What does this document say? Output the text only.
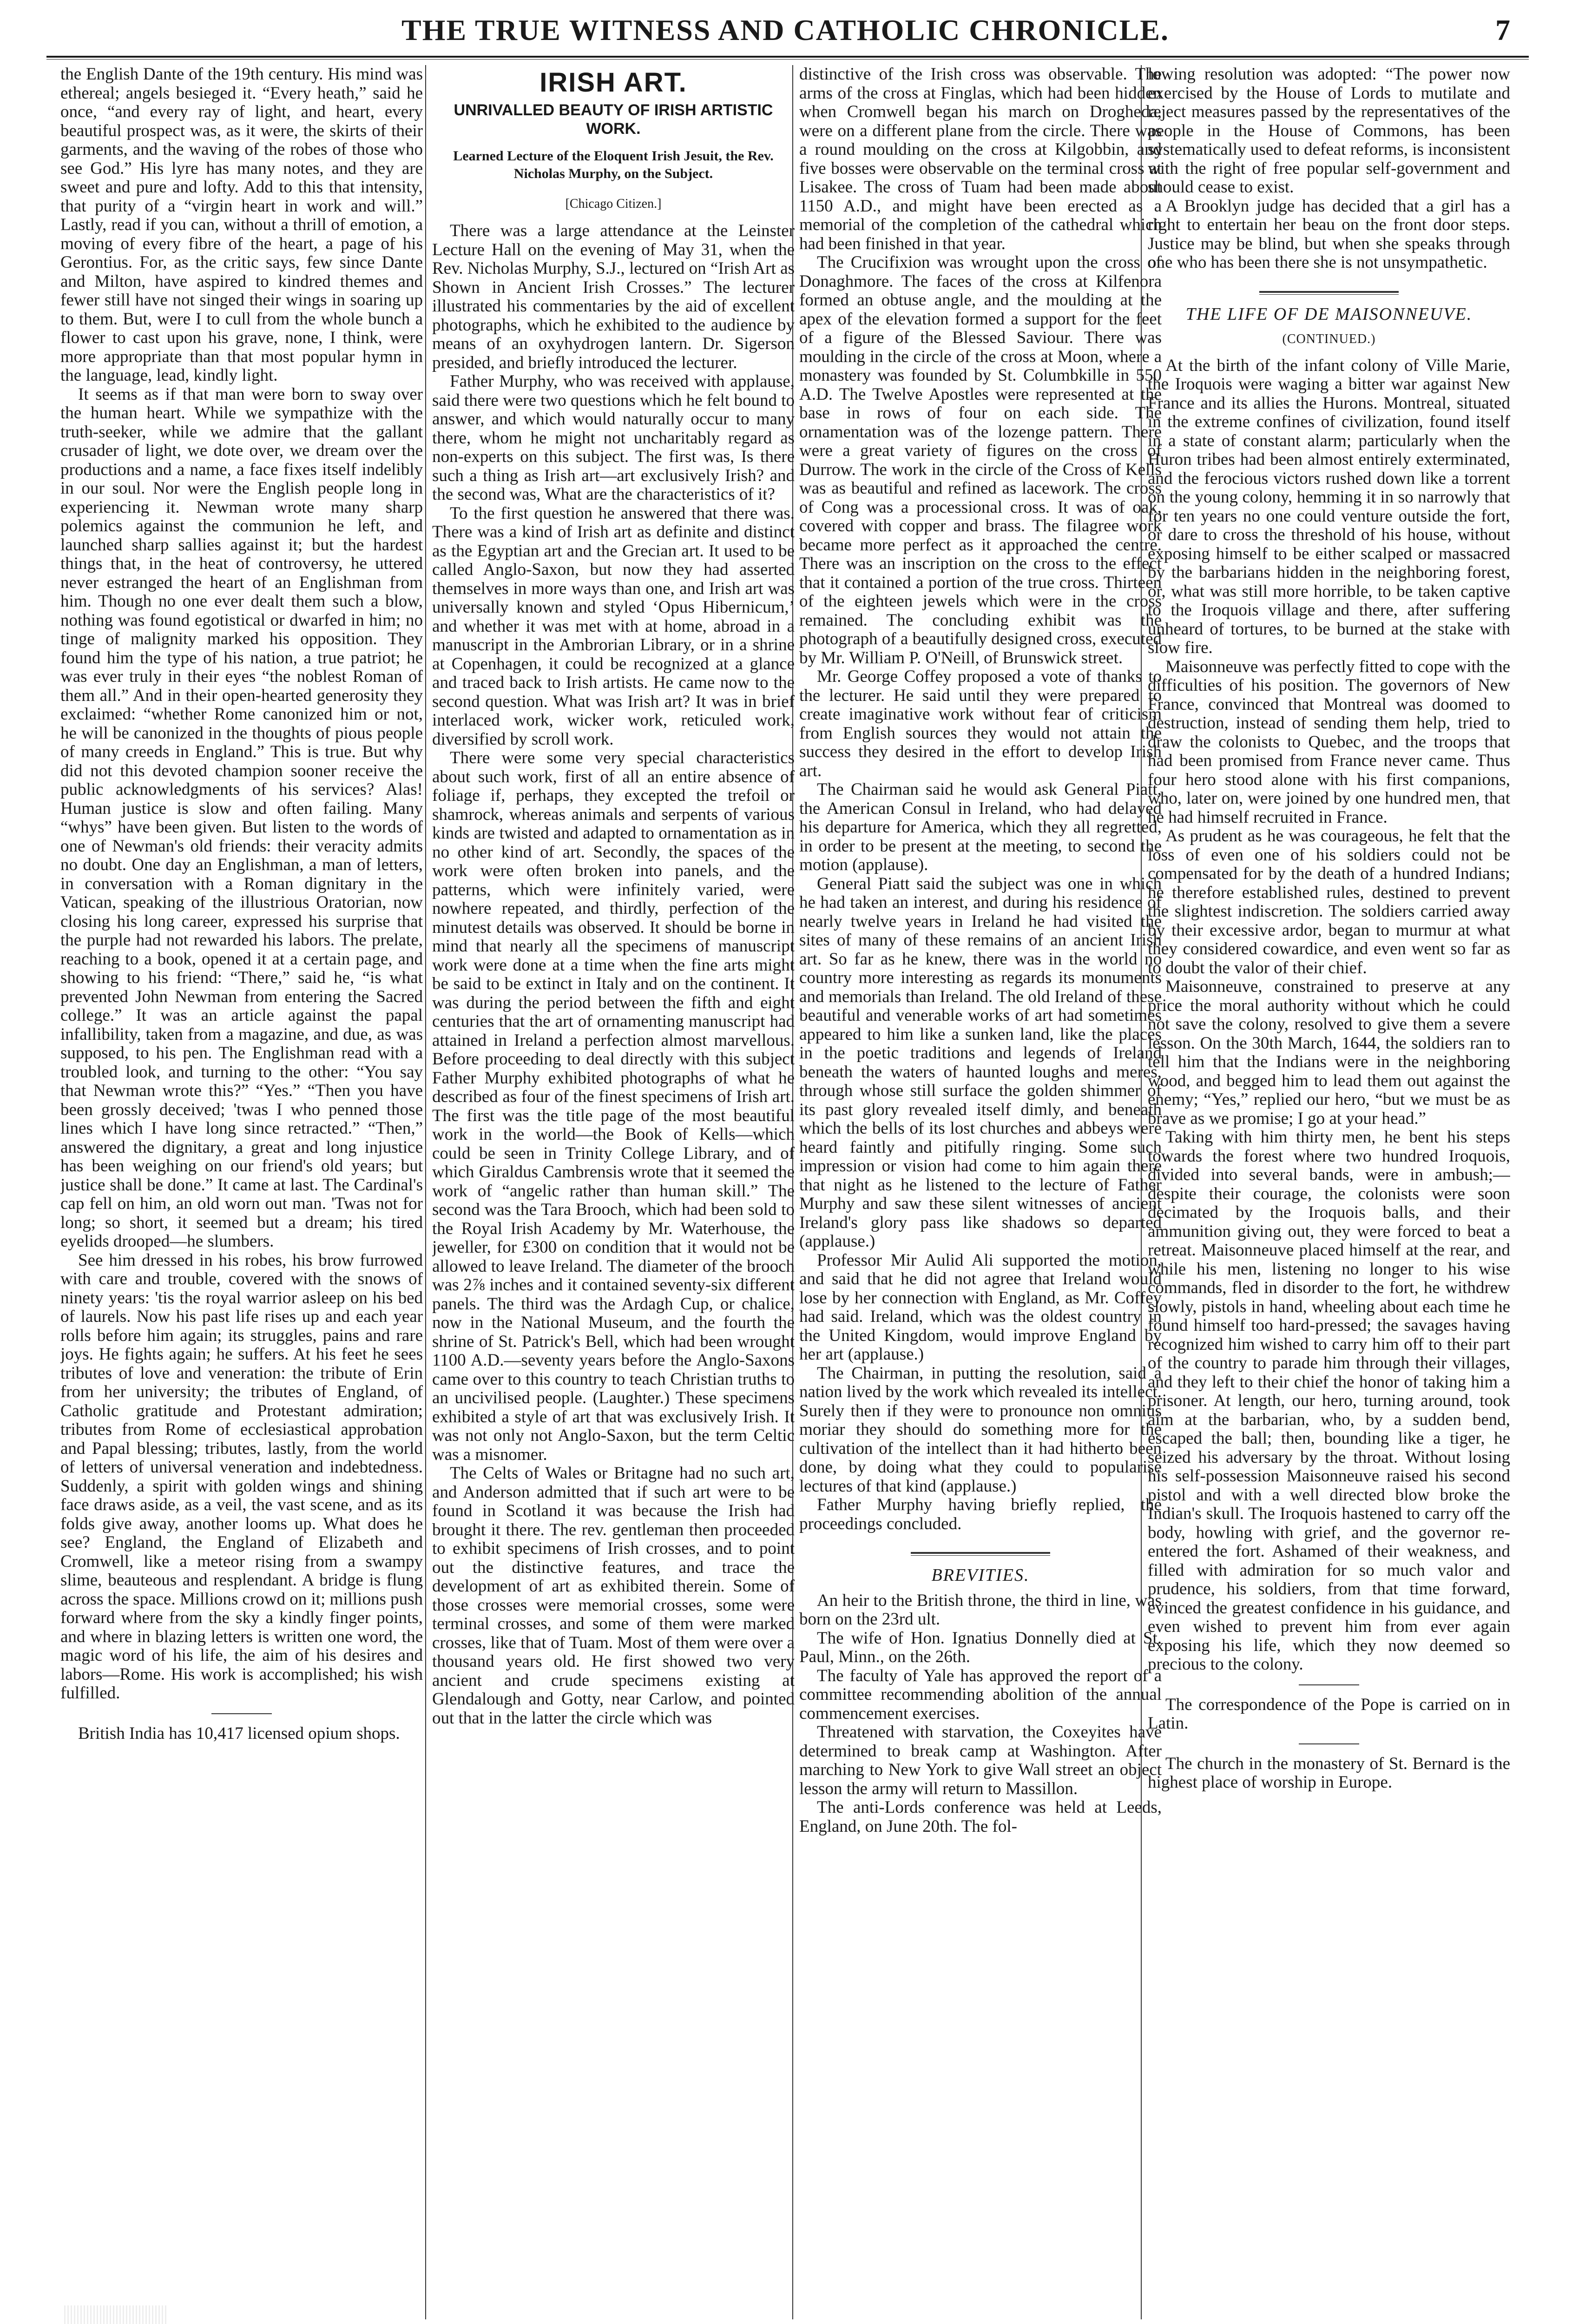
THE TRUE WITNESS AND CATHOLIC CHRONICLE.	7

the English Dante of the 19th century. His mind was ethereal; angels besieged it. “Every heath,” said he once, “and every ray of light, and heart, every beautiful prospect was, as it were, the skirts of their garments, and the waving of the robes of those who see God.” His lyre has many notes, and they are sweet and pure and lofty. Add to this that intensity, that purity of a “virgin heart in work and will.” Lastly, read if you can, without a thrill of emotion, a moving of every fibre of the heart, a page of his Gerontius. For, as the critic says, few since Dante and Milton, have aspired to kindred themes and fewer still have not singed their wings in soaring up to them. But, were I to cull from the whole bunch a flower to cast upon his grave, none, I think, were more appropriate than that most popular hymn in the language, lead, kindly light.

It seems as if that man were born to sway over the human heart. While we sympathize with the truth-seeker, while we admire that the gallant crusader of light, we dote over, we dream over the productions and a name, a face fixes itself indelibly in our soul. Nor were the English people long in experiencing it. Newman wrote many sharp polemics against the communion he left, and launched sharp sallies against it; but the hardest things that, in the heat of controversy, he uttered never estranged the heart of an Englishman from him. Though no one ever dealt them such a blow, nothing was found egotistical or dwarfed in him; no tinge of malignity marked his opposition. They found him the type of his nation, a true patriot; he was ever truly in their eyes “the noblest Roman of them all.” And in their open-hearted generosity they exclaimed: “whether Rome canonized him or not, he will be canonized in the thoughts of pious people of many creeds in England.” This is true. But why did not this devoted champion sooner receive the public acknowledgments of his services? Alas! Human justice is slow and often failing. Many “whys” have been given. But listen to the words of one of Newman's old friends: their veracity admits no doubt. One day an Englishman, a man of letters, in conversation with a Roman dignitary in the Vatican, speaking of the illustrious Oratorian, now closing his long career, expressed his surprise that the purple had not rewarded his labors. The prelate, reaching to a book, opened it at a certain page, and showing to his friend: “There,” said he, “is what prevented John Newman from entering the Sacred college.” It was an article against the papal infallibility, taken from a magazine, and due, as was supposed, to his pen. The Englishman read with a troubled look, and turning to the other: “You say that Newman wrote this?” “Yes.” “Then you have been grossly deceived; 'twas I who penned those lines which I have long since retracted.” “Then,” answered the dignitary, a great and long injustice has been weighing on our friend's old years; but justice shall be done.” It came at last. The Cardinal's cap fell on him, an old worn out man. 'Twas not for long; so short, it seemed but a dream; his tired eyelids drooped—he slumbers.

See him dressed in his robes, his brow furrowed with care and trouble, covered with the snows of ninety years: 'tis the royal warrior asleep on his bed of laurels. Now his past life rises up and each year rolls before him again; its struggles, pains and rare joys. He fights again; he suffers. At his feet he sees tributes of love and veneration: the tribute of Erin from her university; the tributes of England, of Catholic gratitude and Protestant admiration; tributes from Rome of ecclesiastical approbation and Papal blessing; tributes, lastly, from the world of letters of universal veneration and indebtedness. Suddenly, a spirit with golden wings and shining face draws aside, as a veil, the vast scene, and as its folds give away, another looms up. What does he see? England, the England of Elizabeth and Cromwell, like a meteor rising from a swampy slime, beauteous and resplendant. A bridge is flung across the space. Millions crowd on it; millions push forward where from the sky a kindly finger points, and where in blazing letters is written one word, the magic word of his life, the aim of his desires and labors—Rome. His work is accomplished; his wish fulfilled.

British India has 10,417 licensed opium shops.

IRISH ART.
UNRIVALLED BEAUTY OF IRISH ARTISTIC WORK.
Learned Lecture of the Eloquent Irish Jesuit, the Rev. Nicholas Murphy, on the Subject.
[Chicago Citizen.]

There was a large attendance at the Leinster Lecture Hall on the evening of May 31, when the Rev. Nicholas Murphy, S.J., lectured on “Irish Art as Shown in Ancient Irish Crosses.” The lecturer illustrated his commentaries by the aid of excellent photographs, which he exhibited to the audience by means of an oxyhydrogen lantern. Dr. Sigerson presided, and briefly introduced the lecturer.

Father Murphy, who was received with applause, said there were two questions which he felt bound to answer, and which would naturally occur to many there, whom he might not uncharitably regard as non-experts on this subject. The first was, Is there such a thing as Irish art—art exclusively Irish? and the second was, What are the characteristics of it?

To the first question he answered that there was. There was a kind of Irish art as definite and distinct as the Egyptian art and the Grecian art. It used to be called Anglo-Saxon, but now they had asserted themselves in more ways than one, and Irish art was universally known and styled ‘Opus Hibernicum,’ and whether it was met with at home, abroad in a manuscript in the Ambrorian Library, or in a shrine at Copenhagen, it could be recognized at a glance and traced back to Irish artists. He came now to the second question. What was Irish art? It was in brief interlaced work, wicker work, reticuled work, diversified by scroll work.

There were some very special characteristics about such work, first of all an entire absence of foliage if, perhaps, they excepted the trefoil or shamrock, whereas animals and serpents of various kinds are twisted and adapted to ornamentation as in no other kind of art. Secondly, the spaces of the work were often broken into panels, and the patterns, which were infinitely varied, were nowhere repeated, and thirdly, perfection of the minutest details was observed. It should be borne in mind that nearly all the specimens of manuscript work were done at a time when the fine arts might be said to be extinct in Italy and on the continent. It was during the period between the fifth and eight centuries that the art of ornamenting manuscript had attained in Ireland a perfection almost marvellous. Before proceeding to deal directly with this subject Father Murphy exhibited photographs of what he described as four of the finest specimens of Irish art. The first was the title page of the most beautiful work in the world—the Book of Kells—which could be seen in Trinity College Library, and of which Giraldus Cambrensis wrote that it seemed the work of “angelic rather than human skill.” The second was the Tara Brooch, which had been sold to the Royal Irish Academy by Mr. Waterhouse, the jeweller, for £300 on condition that it would not be allowed to leave Ireland. The diameter of the brooch was 2⅞ inches and it contained seventy-six different panels. The third was the Ardagh Cup, or chalice, now in the National Museum, and the fourth the shrine of St. Patrick's Bell, which had been wrought 1100 A.D.—seventy years before the Anglo-Saxons came over to this country to teach Christian truths to an uncivilised people. (Laughter.) These specimens exhibited a style of art that was exclusively Irish. It was not only not Anglo-Saxon, but the term Celtic was a misnomer.

The Celts of Wales or Britagne had no such art, and Anderson admitted that if such art were to be found in Scotland it was because the Irish had brought it there. The rev. gentleman then proceeded to exhibit specimens of Irish crosses, and to point out the distinctive features, and trace the development of art as exhibited therein. Some of those crosses were memorial crosses, some were terminal crosses, and some of them were marked crosses, like that of Tuam. Most of them were over a thousand years old. He first showed two very ancient and crude specimens existing at Glendalough and Gotty, near Carlow, and pointed out that in the latter the circle which was

distinctive of the Irish cross was observable. The arms of the cross at Finglas, which had been hidden when Cromwell began his march on Drogheda, were on a different plane from the circle. There was a round moulding on the cross at Kilgobbin, and five bosses were observable on the terminal cross at Lisakee. The cross of Tuam had been made about 1150 A.D., and might have been erected as a memorial of the completion of the cathedral which had been finished in that year.

The Crucifixion was wrought upon the cross of Donaghmore. The faces of the cross at Kilfenora formed an obtuse angle, and the moulding at the apex of the elevation formed a support for the feet of a figure of the Blessed Saviour. There was moulding in the circle of the cross at Moon, where a monastery was founded by St. Columbkille in 550 A.D. The Twelve Apostles were represented at the base in rows of four on each side. The ornamentation was of the lozenge pattern. There were a great variety of figures on the cross of Durrow. The work in the circle of the Cross of Kells was as beautiful and refined as lacework. The cross of Cong was a processional cross. It was of oak, covered with copper and brass. The filagree work became more perfect as it approached the centre. There was an inscription on the cross to the effect that it contained a portion of the true cross. Thirteen of the eighteen jewels which were in the cross remained. The concluding exhibit was the photograph of a beautifully designed cross, executed by Mr. William P. O'Neill, of Brunswick street.

Mr. George Coffey proposed a vote of thanks to the lecturer. He said until they were prepared to create imaginative work without fear of criticism from English sources they would not attain the success they desired in the effort to develop Irish art.

The Chairman said he would ask General Piatt, the American Consul in Ireland, who had delayed his departure for America, which they all regretted, in order to be present at the meeting, to second the motion (applause).

General Piatt said the subject was one in which he had taken an interest, and during his residence of nearly twelve years in Ireland he had visited the sites of many of these remains of an ancient Irish art. So far as he knew, there was in the world no country more interesting as regards its monuments and memorials than Ireland. The old Ireland of these beautiful and venerable works of art had sometimes appeared to him like a sunken land, like the places in the poetic traditions and legends of Ireland beneath the waters of haunted loughs and meres, through whose still surface the golden shimmer of its past glory revealed itself dimly, and beneath which the bells of its lost churches and abbeys were heard faintly and pitifully ringing. Some such impression or vision had come to him again there that night as he listened to the lecture of Father Murphy and saw these silent witnesses of ancient Ireland's glory pass like shadows so departed (applause.)

Professor Mir Aulid Ali supported the motion, and said that he did not agree that Ireland would lose by her connection with England, as Mr. Coffey had said. Ireland, which was the oldest country in the United Kingdom, would improve England by her art (applause.)

The Chairman, in putting the resolution, said a nation lived by the work which revealed its intellect. Surely then if they were to pronounce non omnius moriar they should do something more for the cultivation of the intellect than it had hitherto been done, by doing what they could to popularise lectures of that kind (applause.)

Father Murphy having briefly replied, the proceedings concluded.

BREVITIES.

An heir to the British throne, the third in line, was born on the 23rd ult.

The wife of Hon. Ignatius Donnelly died at St. Paul, Minn., on the 26th.

The faculty of Yale has approved the report of a committee recommending abolition of the annual commencement exercises.

Threatened with starvation, the Coxeyites have determined to break camp at Washington. After marching to New York to give Wall street an object lesson the army will return to Massillon.

The anti-Lords conference was held at Leeds, England, on June 20th. The fol-

lowing resolution was adopted: “The power now exercised by the House of Lords to mutilate and reject measures passed by the representatives of the people in the House of Commons, has been systematically used to defeat reforms, is inconsistent with the right of free popular self-government and should cease to exist.

A Brooklyn judge has decided that a girl has a right to entertain her beau on the front door steps. Justice may be blind, but when she speaks through one who has been there she is not unsympathetic.

THE LIFE OF DE MAISONNEUVE.
(CONTINUED.)

At the birth of the infant colony of Ville Marie, the Iroquois were waging a bitter war against New France and its allies the Hurons. Montreal, situated in the extreme confines of civilization, found itself in a state of constant alarm; particularly when the Huron tribes had been almost entirely exterminated, and the ferocious victors rushed down like a torrent on the young colony, hemming it in so narrowly that for ten years no one could venture outside the fort, or dare to cross the threshold of his house, without exposing himself to be either scalped or massacred by the barbarians hidden in the neighboring forest, or, what was still more horrible, to be taken captive to the Iroquois village and there, after suffering unheard of tortures, to be burned at the stake with slow fire.

Maisonneuve was perfectly fitted to cope with the difficulties of his position. The governors of New France, convinced that Montreal was doomed to destruction, instead of sending them help, tried to draw the colonists to Quebec, and the troops that had been promised from France never came. Thus four hero stood alone with his first companions, who, later on, were joined by one hundred men, that he had himself recruited in France.

As prudent as he was courageous, he felt that the loss of even one of his soldiers could not be compensated for by the death of a hundred Indians; he therefore established rules, destined to prevent the slightest indiscretion. The soldiers carried away by their excessive ardor, began to murmur at what they considered cowardice, and even went so far as to doubt the valor of their chief.

Maisonneuve, constrained to preserve at any price the moral authority without which he could not save the colony, resolved to give them a severe lesson. On the 30th March, 1644, the soldiers ran to tell him that the Indians were in the neighboring wood, and begged him to lead them out against the enemy; “Yes,” replied our hero, “but we must be as brave as we promise; I go at your head.”

Taking with him thirty men, he bent his steps towards the forest where two hundred Iroquois, divided into several bands, were in ambush;—despite their courage, the colonists were soon decimated by the Iroquois balls, and their ammunition giving out, they were forced to beat a retreat. Maisonneuve placed himself at the rear, and while his men, listening no longer to his wise commands, fled in disorder to the fort, he withdrew slowly, pistols in hand, wheeling about each time he found himself too hard-pressed; the savages having recognized him wished to carry him off to their part of the country to parade him through their villages, and they left to their chief the honor of taking him a prisoner. At length, our hero, turning around, took aim at the barbarian, who, by a sudden bend, escaped the ball; then, bounding like a tiger, he seized his adversary by the throat. Without losing his self-possession Maisonneuve raised his second pistol and with a well directed blow broke the Indian's skull. The Iroquois hastened to carry off the body, howling with grief, and the governor re-entered the fort. Ashamed of their weakness, and filled with admiration for so much valor and prudence, his soldiers, from that time forward, evinced the greatest confidence in his guidance, and even wished to prevent him from ever again exposing his life, which they now deemed so precious to the colony.

The correspondence of the Pope is carried on in Latin.

The church in the monastery of St. Bernard is the highest place of worship in Europe.
